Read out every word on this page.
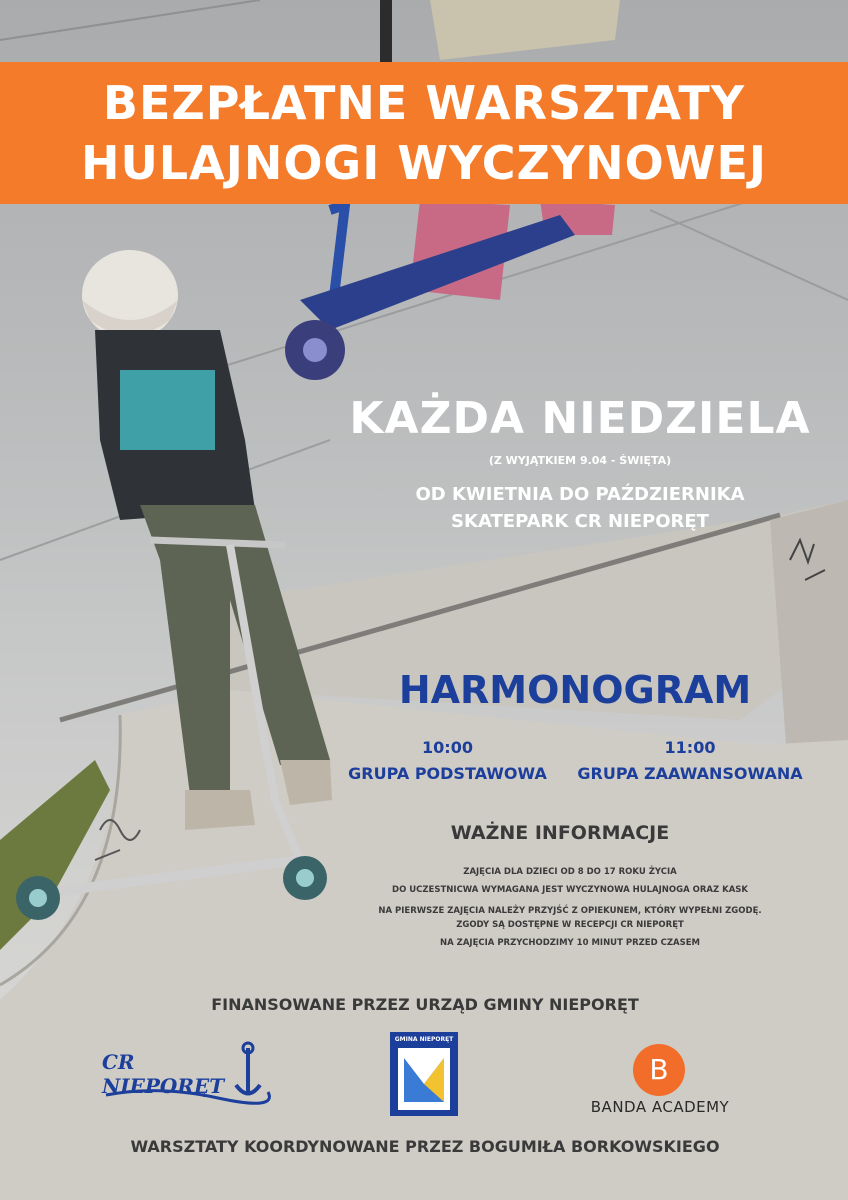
BEZPŁATNE WARSZTATY
HULAJNOGI WYCZYNOWEJ
KAŻDA NIEDZIELA
(Z WYJĄTKIEM 9.04 - ŚWIĘTA)
OD KWIETNIA DO PAŹDZIERNIKA
SKATEPARK CR NIEPORĘT
HARMONOGRAM
10:00
GRUPA PODSTAWOWA
11:00
GRUPA ZAAWANSOWANA
WAŻNE INFORMACJE
ZAJĘCIA DLA DZIECI OD 8 DO 17 ROKU ŻYCIA
DO UCZESTNICWA WYMAGANA JEST WYCZYNOWA HULAJNOGA ORAZ KASK
NA PIERWSZE ZAJĘCIA NALEŻY PRZYJŚĆ Z OPIEKUNEM, KTÓRY WYPEŁNI ZGODĘ.
ZGODY SĄ DOSTĘPNE W RECEPCJI CR NIEPORĘT
NA ZAJĘCIA PRZYCHODZIMY 10 MINUT PRZED CZASEM
FINANSOWANE PRZEZ URZĄD GMINY NIEPORĘT
CR NIEPORĘT
GMINA NIEPORĘT
B
BANDA ACADEMY
WARSZTATY KOORDYNOWANE PRZEZ BOGUMIŁA BORKOWSKIEGO
